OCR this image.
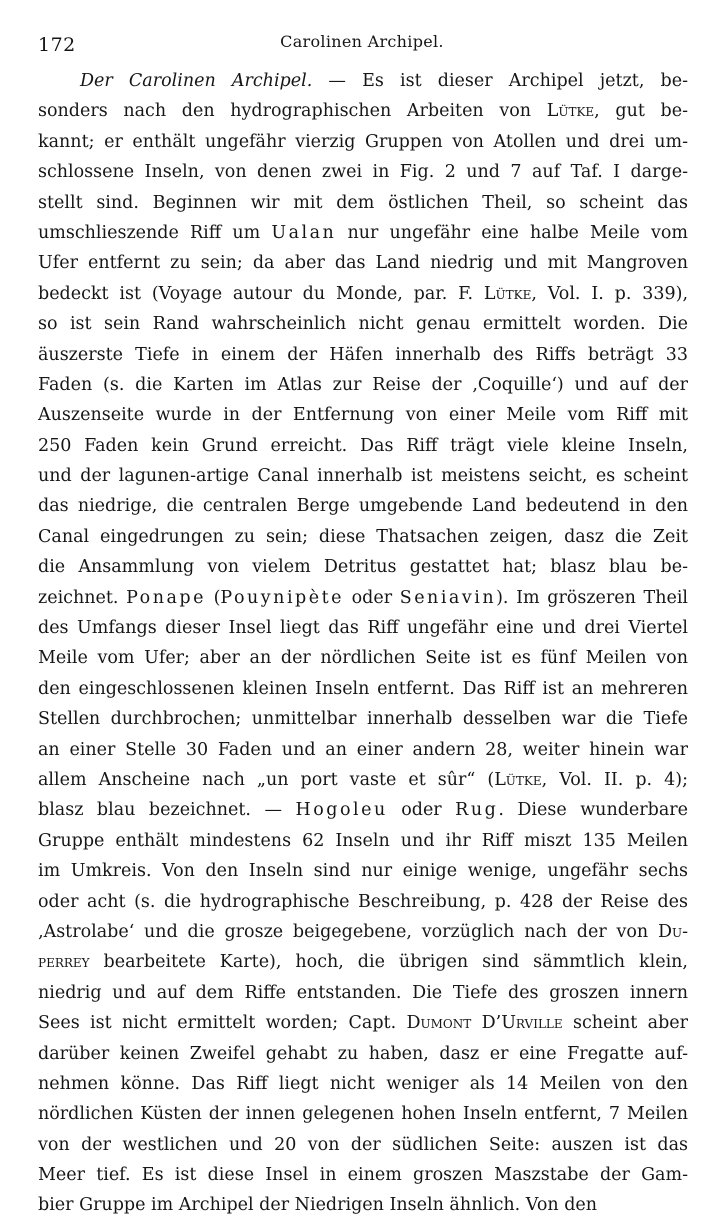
172	Carolinen Archipel.
Der Carolinen Archipel. — Es ist dieser Archipel jetzt, be-
sonders nach den hydrographischen Arbeiten von Lütke, gut be-
kannt; er enthält ungefähr vierzig Gruppen von Atollen und drei um-
schlossene Inseln, von denen zwei in Fig. 2 und 7 auf Taf. I darge-
stellt sind. Beginnen wir mit dem östlichen Theil, so scheint das
umschlieszende Riff um Ualan nur ungefähr eine halbe Meile vom
Ufer entfernt zu sein; da aber das Land niedrig und mit Mangroven
bedeckt ist (Voyage autour du Monde, par. F. Lütke, Vol. I. p. 339),
so ist sein Rand wahrscheinlich nicht genau ermittelt worden. Die
äuszerste Tiefe in einem der Häfen innerhalb des Riffs beträgt 33
Faden (s. die Karten im Atlas zur Reise der ‚Coquille‘) und auf der
Auszenseite wurde in der Entfernung von einer Meile vom Riff mit
250 Faden kein Grund erreicht. Das Riff trägt viele kleine Inseln,
und der lagunen-artige Canal innerhalb ist meistens seicht, es scheint
das niedrige, die centralen Berge umgebende Land bedeutend in den
Canal eingedrungen zu sein; diese Thatsachen zeigen, dasz die Zeit
die Ansammlung von vielem Detritus gestattet hat; blasz blau be-
zeichnet. Ponape (Pouynipète oder Seniavin). Im gröszeren Theil
des Umfangs dieser Insel liegt das Riff ungefähr eine und drei Viertel
Meile vom Ufer; aber an der nördlichen Seite ist es fünf Meilen von
den eingeschlossenen kleinen Inseln entfernt. Das Riff ist an mehreren
Stellen durchbrochen; unmittelbar innerhalb desselben war die Tiefe
an einer Stelle 30 Faden und an einer andern 28, weiter hinein war
allem Anscheine nach „un port vaste et sûr“ (Lütke, Vol. II. p. 4);
blasz blau bezeichnet. — Hogoleu oder Rug. Diese wunderbare
Gruppe enthält mindestens 62 Inseln und ihr Riff miszt 135 Meilen
im Umkreis. Von den Inseln sind nur einige wenige, ungefähr sechs
oder acht (s. die hydrographische Beschreibung, p. 428 der Reise des
‚Astrolabe‘ und die grosze beigegebene, vorzüglich nach der von Du-
perrey bearbeitete Karte), hoch, die übrigen sind sämmtlich klein,
niedrig und auf dem Riffe entstanden. Die Tiefe des groszen innern
Sees ist nicht ermittelt worden; Capt. Dumont D’Urville scheint aber
darüber keinen Zweifel gehabt zu haben, dasz er eine Fregatte auf-
nehmen könne. Das Riff liegt nicht weniger als 14 Meilen von den
nördlichen Küsten der innen gelegenen hohen Inseln entfernt, 7 Meilen
von der westlichen und 20 von der südlichen Seite: auszen ist das
Meer tief. Es ist diese Insel in einem groszen Maszstabe der Gam-
bier Gruppe im Archipel der Niedrigen Inseln ähnlich. Von den
